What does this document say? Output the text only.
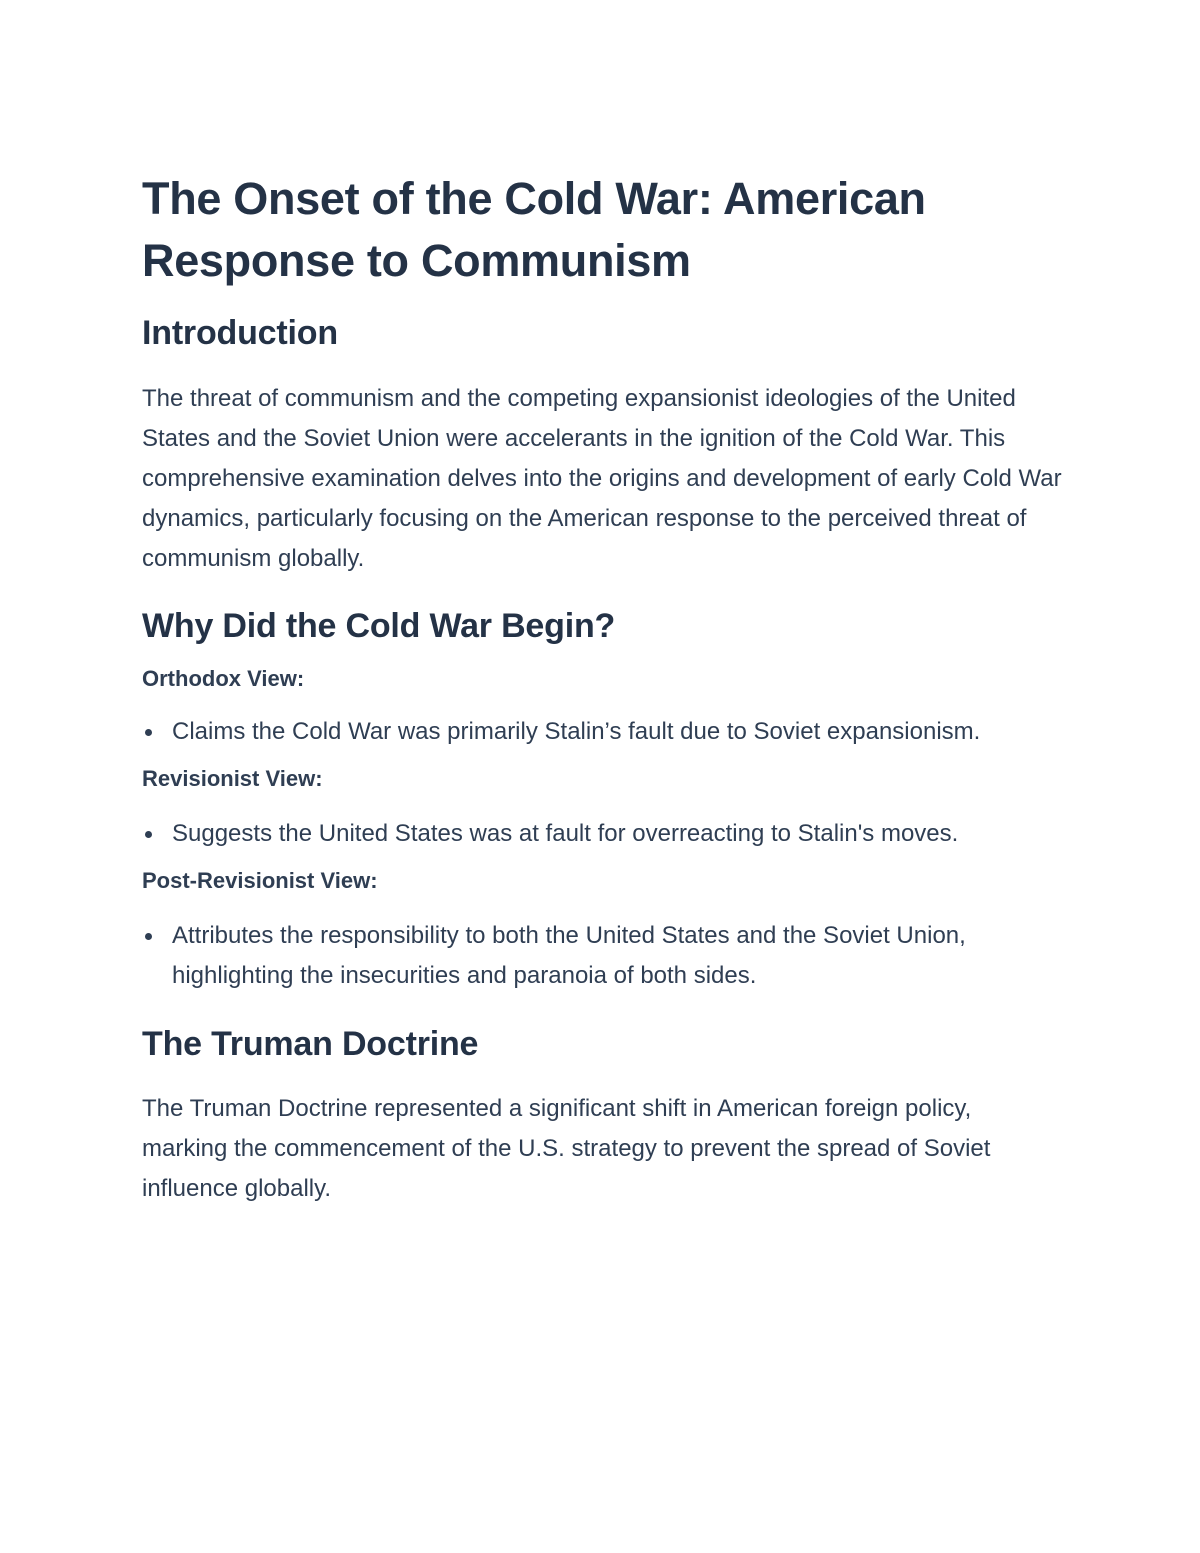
The Onset of the Cold War: American Response to Communism
Introduction

The threat of communism and the competing expansionist ideologies of the United States and the Soviet Union were accelerants in the ignition of the Cold War. This comprehensive examination delves into the origins and development of early Cold War dynamics, particularly focusing on the American response to the perceived threat of communism globally.

Why Did the Cold War Begin?
Orthodox View:
Claims the Cold War was primarily Stalin’s fault due to Soviet expansionism.
Revisionist View:
Suggests the United States was at fault for overreacting to Stalin's moves.
Post-Revisionist View:
Attributes the responsibility to both the United States and the Soviet Union, highlighting the insecurities and paranoia of both sides.
The Truman Doctrine

The Truman Doctrine represented a significant shift in American foreign policy, marking the commencement of the U.S. strategy to prevent the spread of Soviet influence globally.
